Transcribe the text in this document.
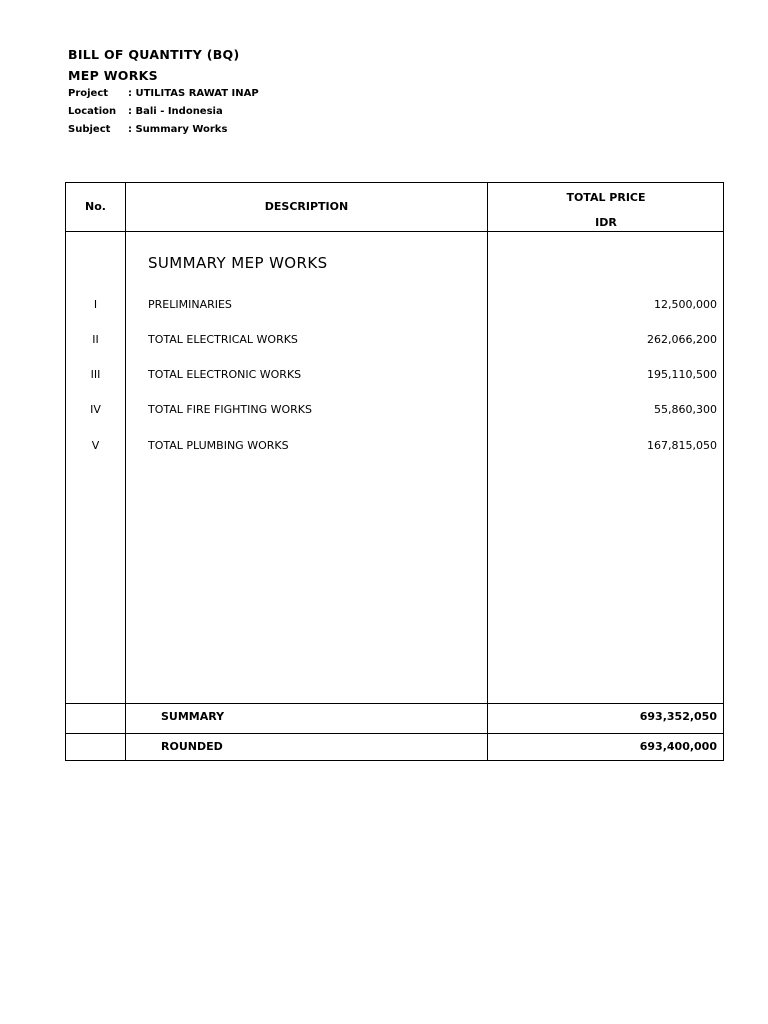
BILL OF QUANTITY (BQ)
MEP WORKS
Project : UTILITAS RAWAT INAP
Location : Bali - Indonesia
Subject : Summary Works
No.	DESCRIPTION
TOTAL PRICE
IDR
SUMMARY MEP WORKS
I	PRELIMINARIES	12,500,000
II	TOTAL ELECTRICAL WORKS	262,066,200
III	TOTAL ELECTRONIC WORKS	195,110,500
IV	TOTAL FIRE FIGHTING WORKS	55,860,300
V	TOTAL PLUMBING WORKS	167,815,050
SUMMARY	693,352,050
ROUNDED	693,400,000
